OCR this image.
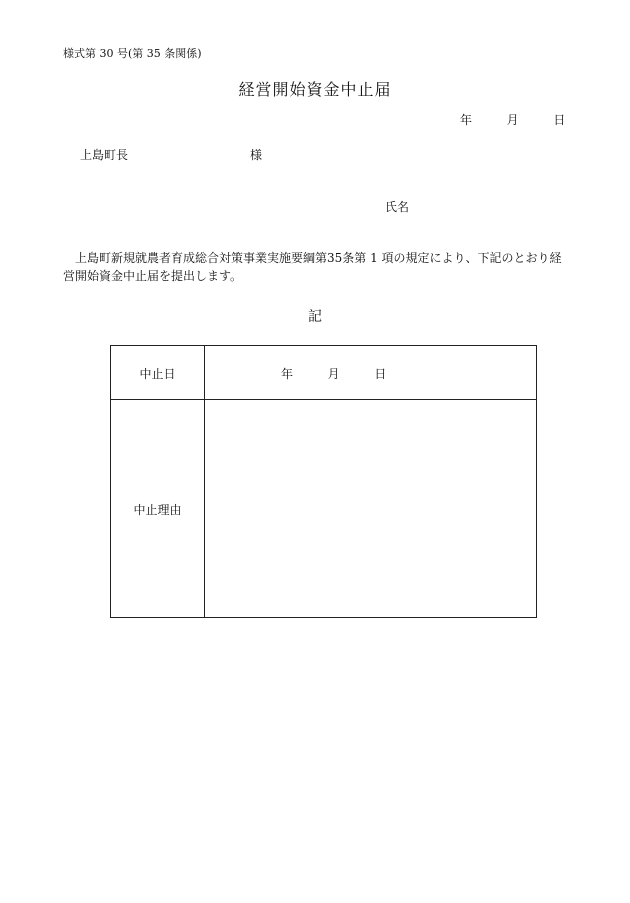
様式第 30 号(第 35 条関係)
経営開始資金中止届
年	月	日
上島町長	様
氏名
上島町新規就農者育成総合対策事業実施要綱第35条第 1 項の規定により、下記のとおり経営開始資金中止届を提出します。
記
中止日	年	月	日
中止理由
